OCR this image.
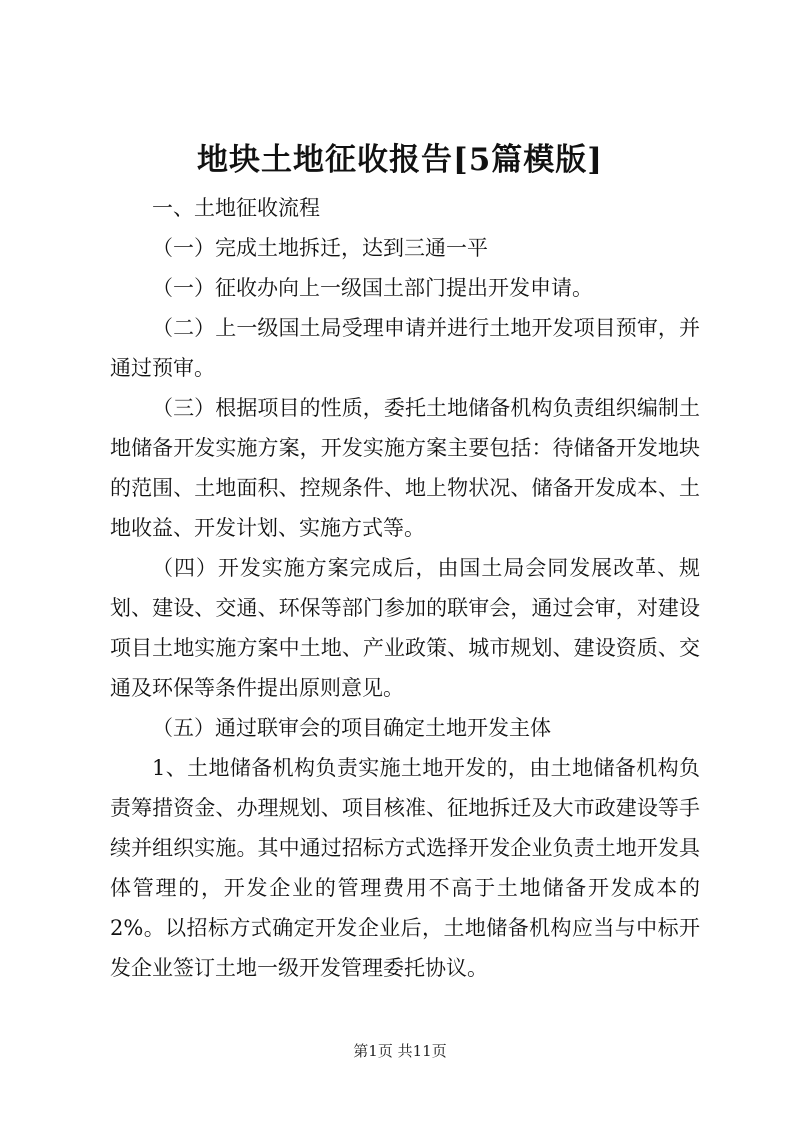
地块土地征收报告[5篇模版]

一、土地征收流程

（一）完成土地拆迁，达到三通一平

（一）征收办向上一级国土部门提出开发申请。

（二）上一级国土局受理申请并进行土地开发项目预审，并通过预审。

（三）根据项目的性质，委托土地储备机构负责组织编制土地储备开发实施方案，开发实施方案主要包括：待储备开发地块的范围、土地面积、控规条件、地上物状况、储备开发成本、土地收益、开发计划、实施方式等。

（四）开发实施方案完成后，由国土局会同发展改革、规划、建设、交通、环保等部门参加的联审会，通过会审，对建设项目土地实施方案中土地、产业政策、城市规划、建设资质、交通及环保等条件提出原则意见。

（五）通过联审会的项目确定土地开发主体

1、土地储备机构负责实施土地开发的，由土地储备机构负责筹措资金、办理规划、项目核准、征地拆迁及大市政建设等手续并组织实施。其中通过招标方式选择开发企业负责土地开发具体管理的，开发企业的管理费用不高于土地储备开发成本的2%。以招标方式确定开发企业后，土地储备机构应当与中标开发企业签订土地一级开发管理委托协议。

第1页 共11页
